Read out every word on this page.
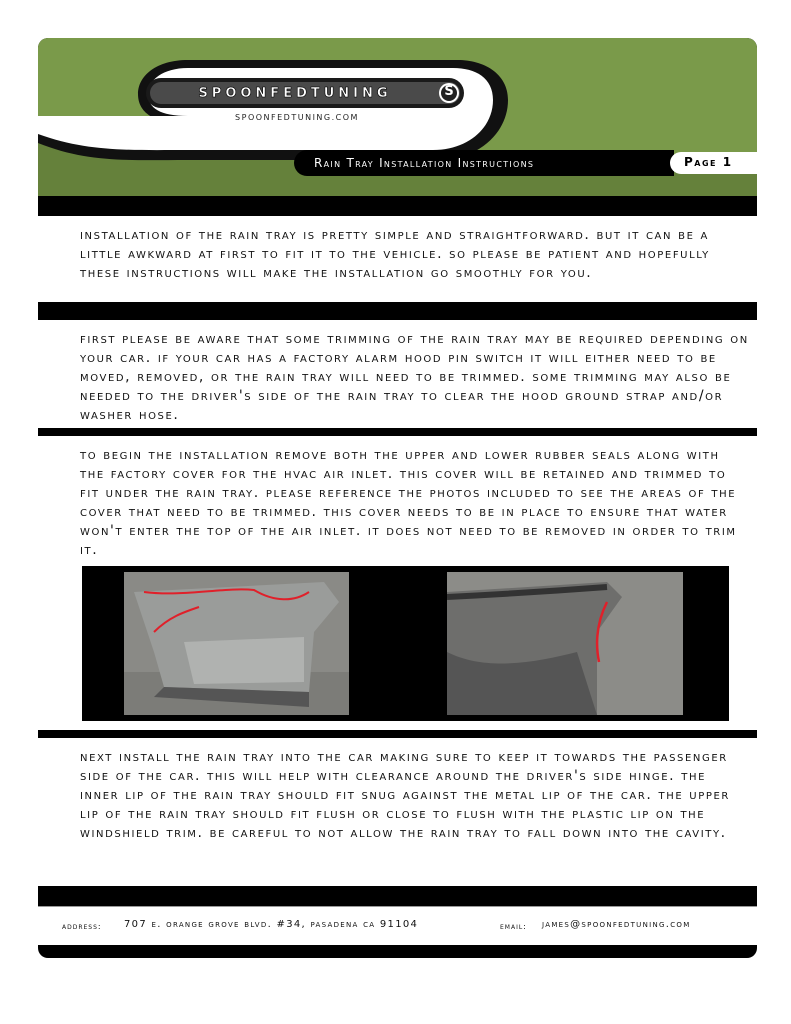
SPOONFEDTUNING	S
SPOONFEDTUNING.COM
Rain Tray Installation Instructions	Page 1

installation of the rain tray is pretty simple and straightforward. but it can be a little awkward at first to fit it to the vehicle. so please be patient and hopefully these instructions will make the installation go smoothly for you.

first please be aware that some trimming of the rain tray may be required depending on your car. if your car has a factory alarm hood pin switch it will either need to be moved, removed, or the rain tray will need to be trimmed. some trimming may also be needed to the driver's side of the rain tray to clear the hood ground strap and/or washer hose.

to begin the installation remove both the upper and lower rubber seals along with the factory cover for the hvac air inlet. this cover will be retained and trimmed to fit under the rain tray. please reference the photos included to see the areas of the cover that need to be trimmed. this cover needs to be in place to ensure that water won't enter the top of the air inlet. it does not need to be removed in order to trim it.

next install the rain tray into the car making sure to keep it towards the passenger side of the car. this will help with clearance around the driver's side hinge. the inner lip of the rain tray should fit snug against the metal lip of the car. the upper lip of the rain tray should fit flush or close to flush with the plastic lip on the windshield trim. be careful to not allow the rain tray to fall down into the cavity.

address: 707 e. orange grove blvd. #34, pasadena ca 91104	email: james@spoonfedtuning.com
